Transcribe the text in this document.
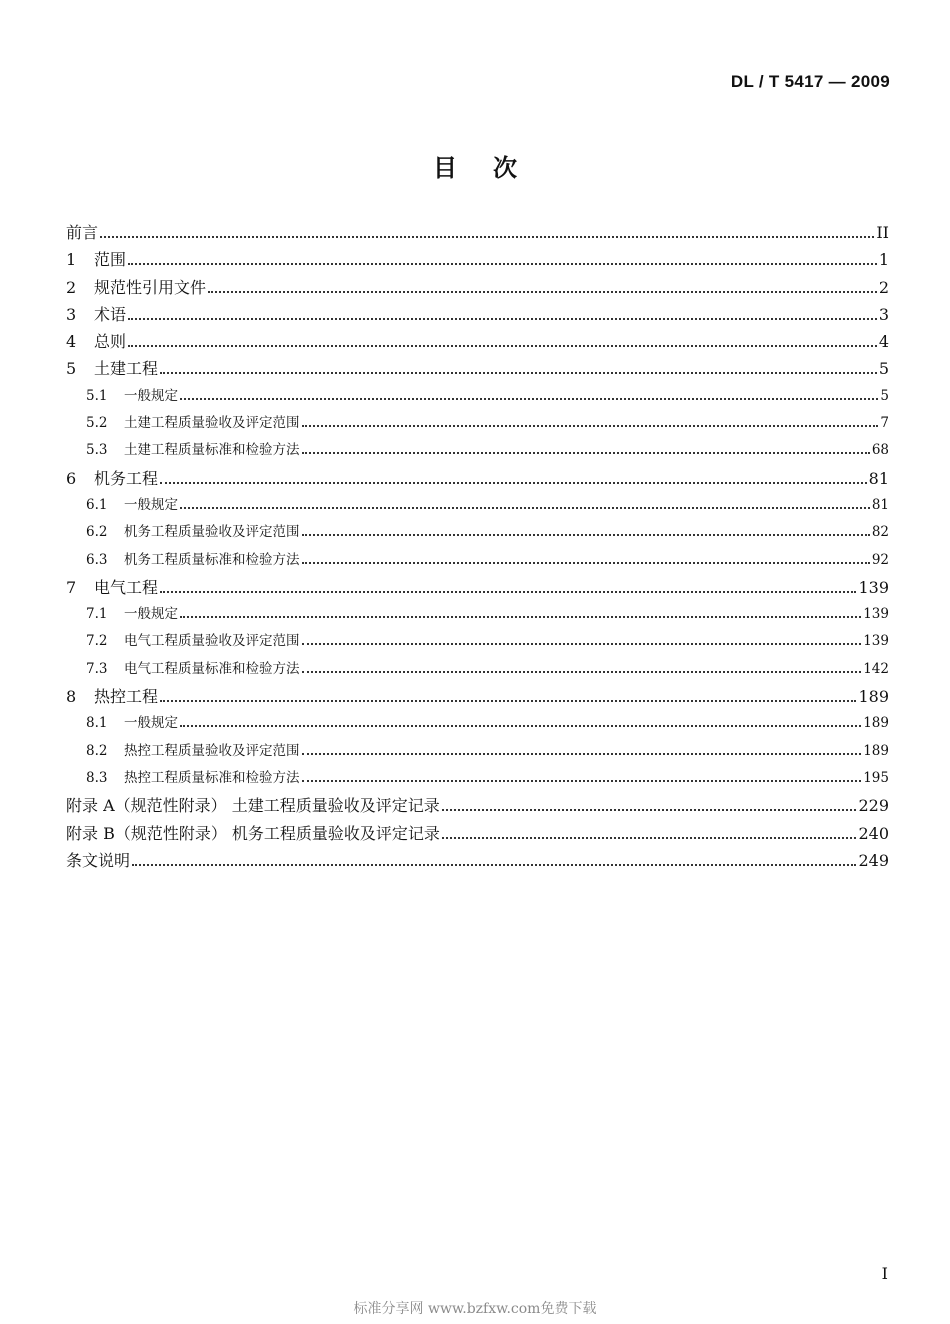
DL / T 5417 — 2009
目次
前言	II
1	范围	1
2	规范性引用文件	2
3	术语	3
4	总则	4
5	土建工程	5
5.1	一般规定	5
5.2	土建工程质量验收及评定范围	7
5.3	土建工程质量标准和检验方法	68
6	机务工程	81
6.1	一般规定	81
6.2	机务工程质量验收及评定范围	82
6.3	机务工程质量标准和检验方法	92
7	电气工程	139
7.1	一般规定	139
7.2	电气工程质量验收及评定范围	139
7.3	电气工程质量标准和检验方法	142
8	热控工程	189
8.1	一般规定	189
8.2	热控工程质量验收及评定范围	189
8.3	热控工程质量标准和检验方法	195
附录 A（规范性附录） 土建工程质量验收及评定记录	229
附录 B（规范性附录） 机务工程质量验收及评定记录	240
条文说明	249
I
标准分享网 www.bzfxw.com免费下载
